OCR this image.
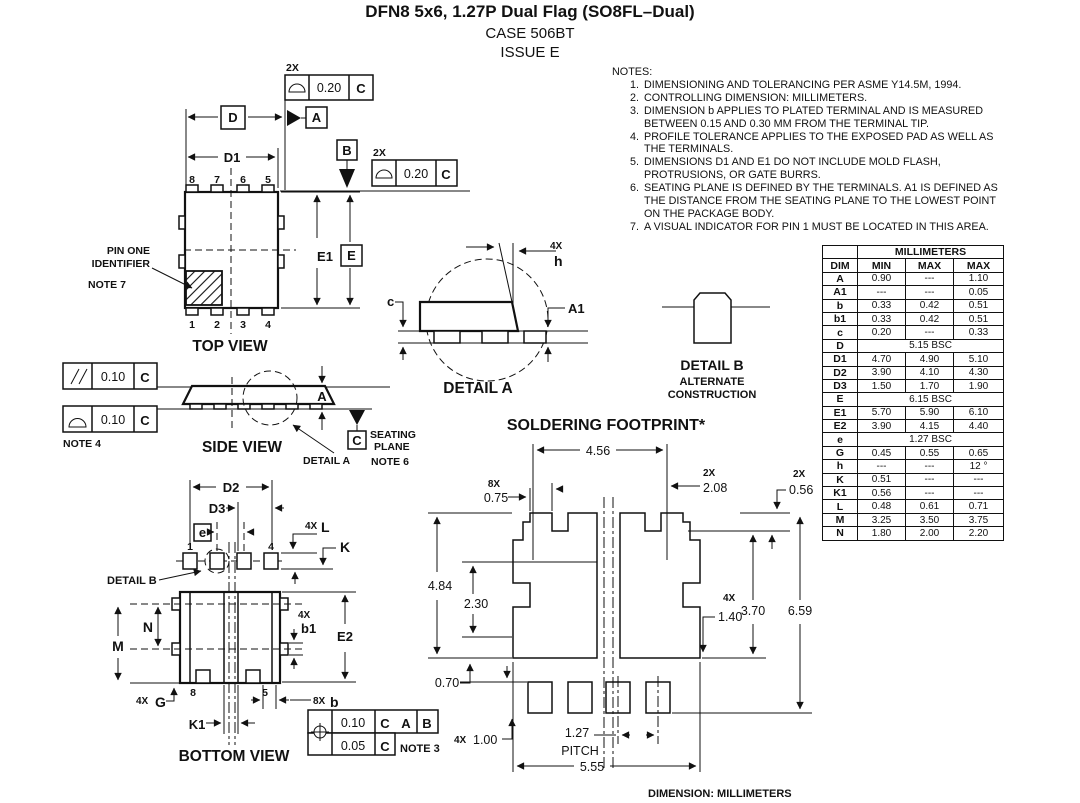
D
2X
0.20 C
A
D1	B 2X
0.20 C
8 7 6 5
1 2 3 4
PIN ONE
IDENTIFIER
NOTE 7
E1 E
TOP VIEW
0.10 C
0.10 C
NOTE 4
A
C SEATING
PLANE
NOTE 6
DETAIL A
SIDE VIEW
4X
h
c	A1
DETAIL A
DETAIL B
ALTERNATE
CONSTRUCTION
D2
D3
e	4X L
K
1	4
DETAIL B
M
N
4X
b1
E2
8	5
4X G	8X b
K1	0.10 C A B
0.05 C NOTE 3
BOTTOM VIEW
SOLDERING FOOTPRINT*
4.56
8X
0.75
2X
2.08
2X
0.56
4.84
2.30
0.70
4X
1.40	6.59
3.70
4X 1.00	1.27
PITCH
5.55
DIMENSION: MILLIMETERS
DFN8 5x6, 1.27P Dual Flag (SO8FL–Dual)
CASE 506BT
ISSUE E
NOTES:
1. DIMENSIONING AND TOLERANCING PER ASME Y14.5M, 1994.
2. CONTROLLING DIMENSION: MILLIMETERS.
3. DIMENSION b APPLIES TO PLATED TERMINAL AND IS MEASURED BETWEEN 0.15 AND 0.30 MM FROM THE TERMINAL TIP.
4. PROFILE TOLERANCE APPLIES TO THE EXPOSED PAD AS WELL AS THE TERMINALS.
5. DIMENSIONS D1 AND E1 DO NOT INCLUDE MOLD FLASH, PROTRUSIONS, OR GATE BURRS.
6. SEATING PLANE IS DEFINED BY THE TERMINALS. A1 IS DEFINED AS THE DISTANCE FROM THE SEATING PLANE TO THE LOWEST POINT ON THE PACKAGE BODY.
7. A VISUAL INDICATOR FOR PIN 1 MUST BE LOCATED IN THIS AREA.
	MILLIMETERS		
DIM	MIN	MAX	MAX
A	0.90	---	1.10
A1	---	---	0.05
b	0.33	0.42	0.51
b1	0.33	0.42	0.51
c	0.20	---	0.33
D	5.15 BSC		
D1	4.70	4.90	5.10
D2	3.90	4.10	4.30
D3	1.50	1.70	1.90
E	6.15 BSC		
E1	5.70	5.90	6.10
E2	3.90	4.15	4.40
e	1.27 BSC		
G	0.45	0.55	0.65
h	---	---	12 °
K	0.51	---	---
K1	0.56	---	---
L	0.48	0.61	0.71
M	3.25	3.50	3.75
N	1.80	2.00	2.20
